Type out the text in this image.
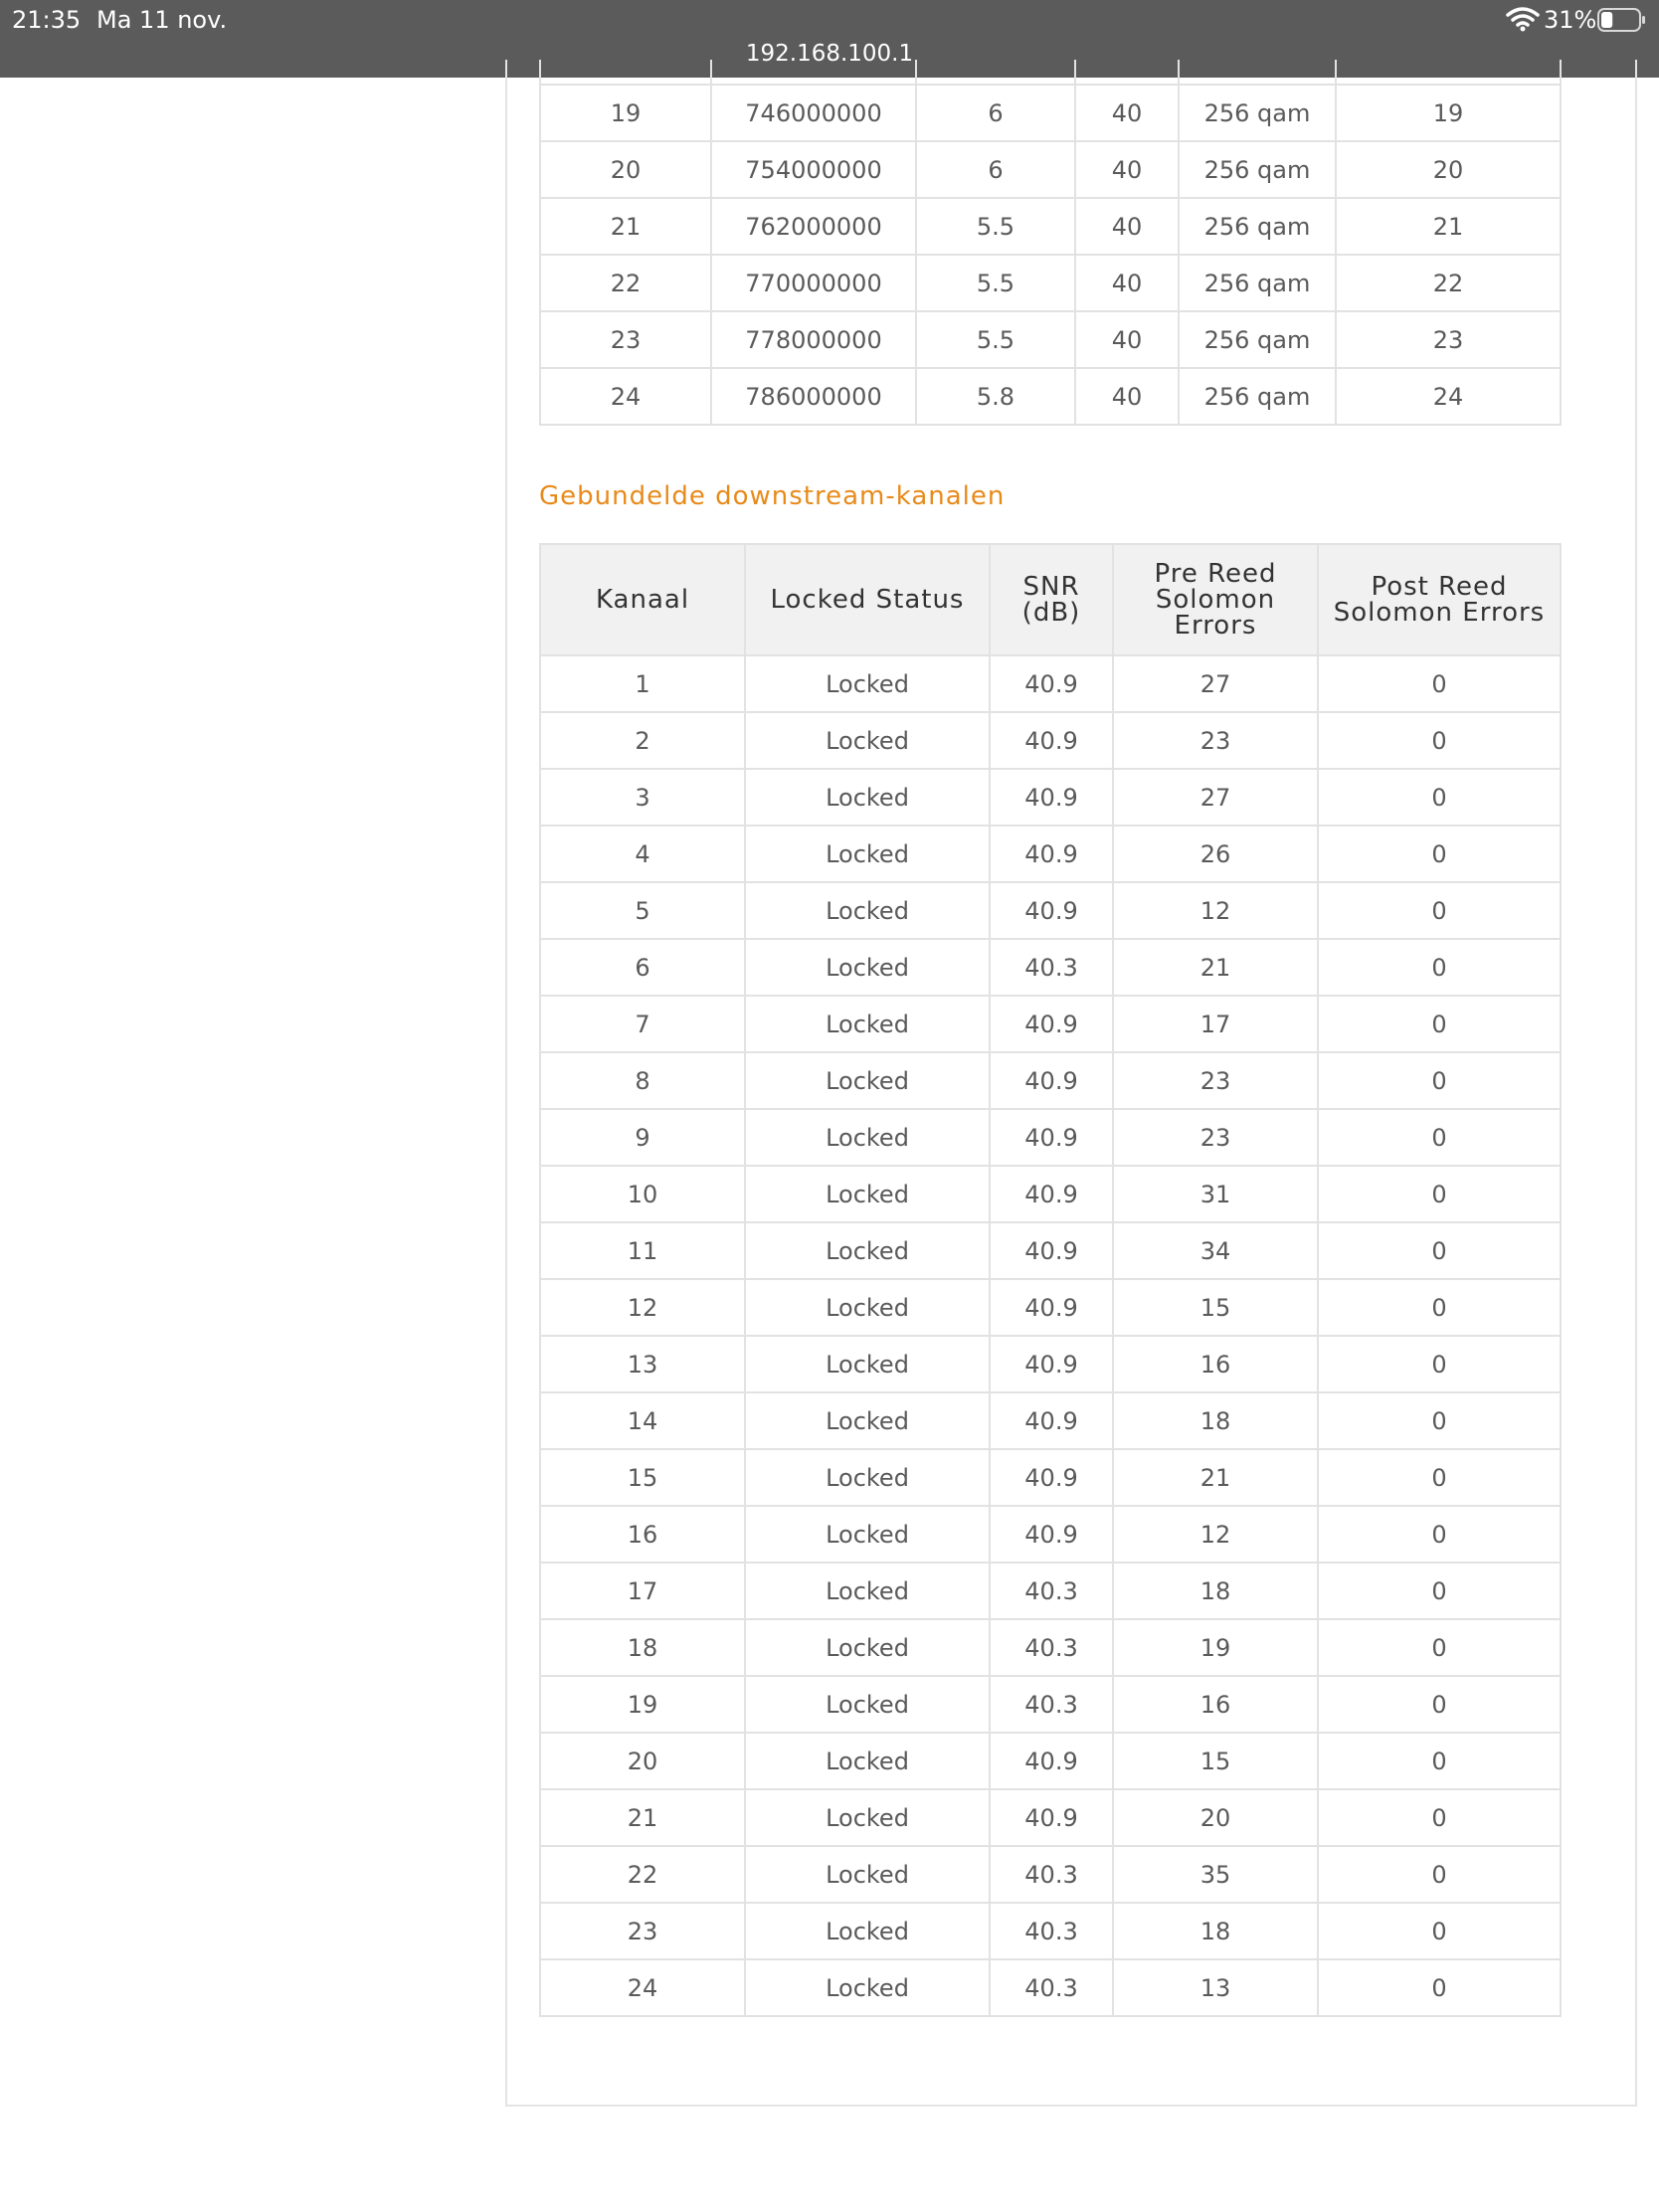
21:35 Ma 11 nov.
192.168.100.1
31%

19	746000000	6	40	256 qam	19
20	754000000	6	40	256 qam	20
21	762000000	5.5	40	256 qam	21
22	770000000	5.5	40	256 qam	22
23	778000000	5.5	40	256 qam	23
24	786000000	5.8	40	256 qam	24
Gebundelde downstream-kanalen
Kanaal	Locked Status	SNR (dB)	Pre Reed Solomon Errors	Post Reed Solomon Errors
1	Locked	40.9	27	0
2	Locked	40.9	23	0
3	Locked	40.9	27	0
4	Locked	40.9	26	0
5	Locked	40.9	12	0
6	Locked	40.3	21	0
7	Locked	40.9	17	0
8	Locked	40.9	23	0
9	Locked	40.9	23	0
10	Locked	40.9	31	0
11	Locked	40.9	34	0
12	Locked	40.9	15	0
13	Locked	40.9	16	0
14	Locked	40.9	18	0
15	Locked	40.9	21	0
16	Locked	40.9	12	0
17	Locked	40.3	18	0
18	Locked	40.3	19	0
19	Locked	40.3	16	0
20	Locked	40.9	15	0
21	Locked	40.9	20	0
22	Locked	40.3	35	0
23	Locked	40.3	18	0
24	Locked	40.3	13	0
